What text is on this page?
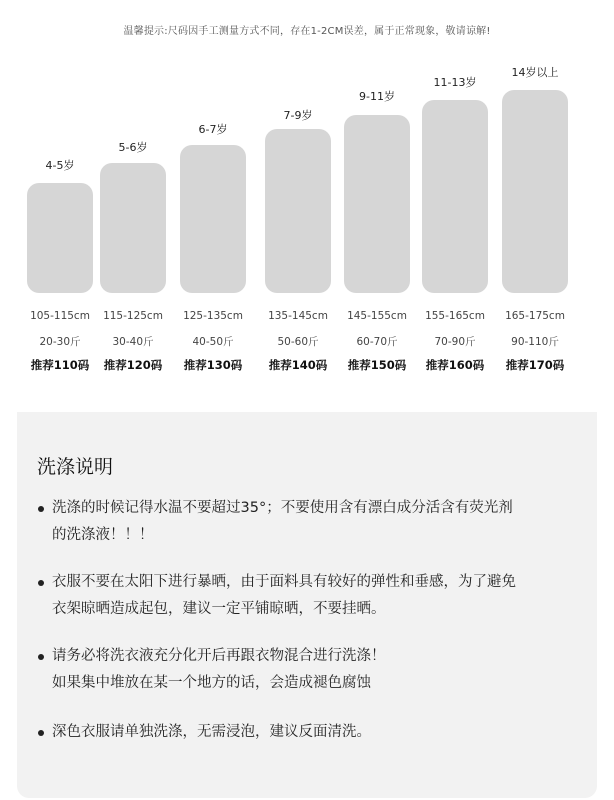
温馨提示:尺码因手工测量方式不同，存在1-2CM误差，属于正常现象，敬请谅解!
4-5岁
105-115cm
20-30斤
推荐110码
5-6岁
115-125cm
30-40斤
推荐120码
6-7岁
125-135cm
40-50斤
推荐130码
7-9岁
135-145cm
50-60斤
推荐140码
9-11岁
145-155cm
60-70斤
推荐150码
11-13岁
155-165cm
70-90斤
推荐160码
14岁以上
165-175cm
90-110斤
推荐170码
洗涤说明
洗涤的时候记得水温不要超过35°；不要使用含有漂白成分活含有荧光剂
的洗涤液！！！
衣服不要在太阳下进行暴晒，由于面料具有较好的弹性和垂感，为了避免
衣架晾晒造成起包，建议一定平铺晾晒，不要挂晒。
请务必将洗衣液充分化开后再跟衣物混合进行洗涤！
如果集中堆放在某一个地方的话，会造成褪色腐蚀
深色衣服请单独洗涤，无需浸泡，建议反面清洗。
